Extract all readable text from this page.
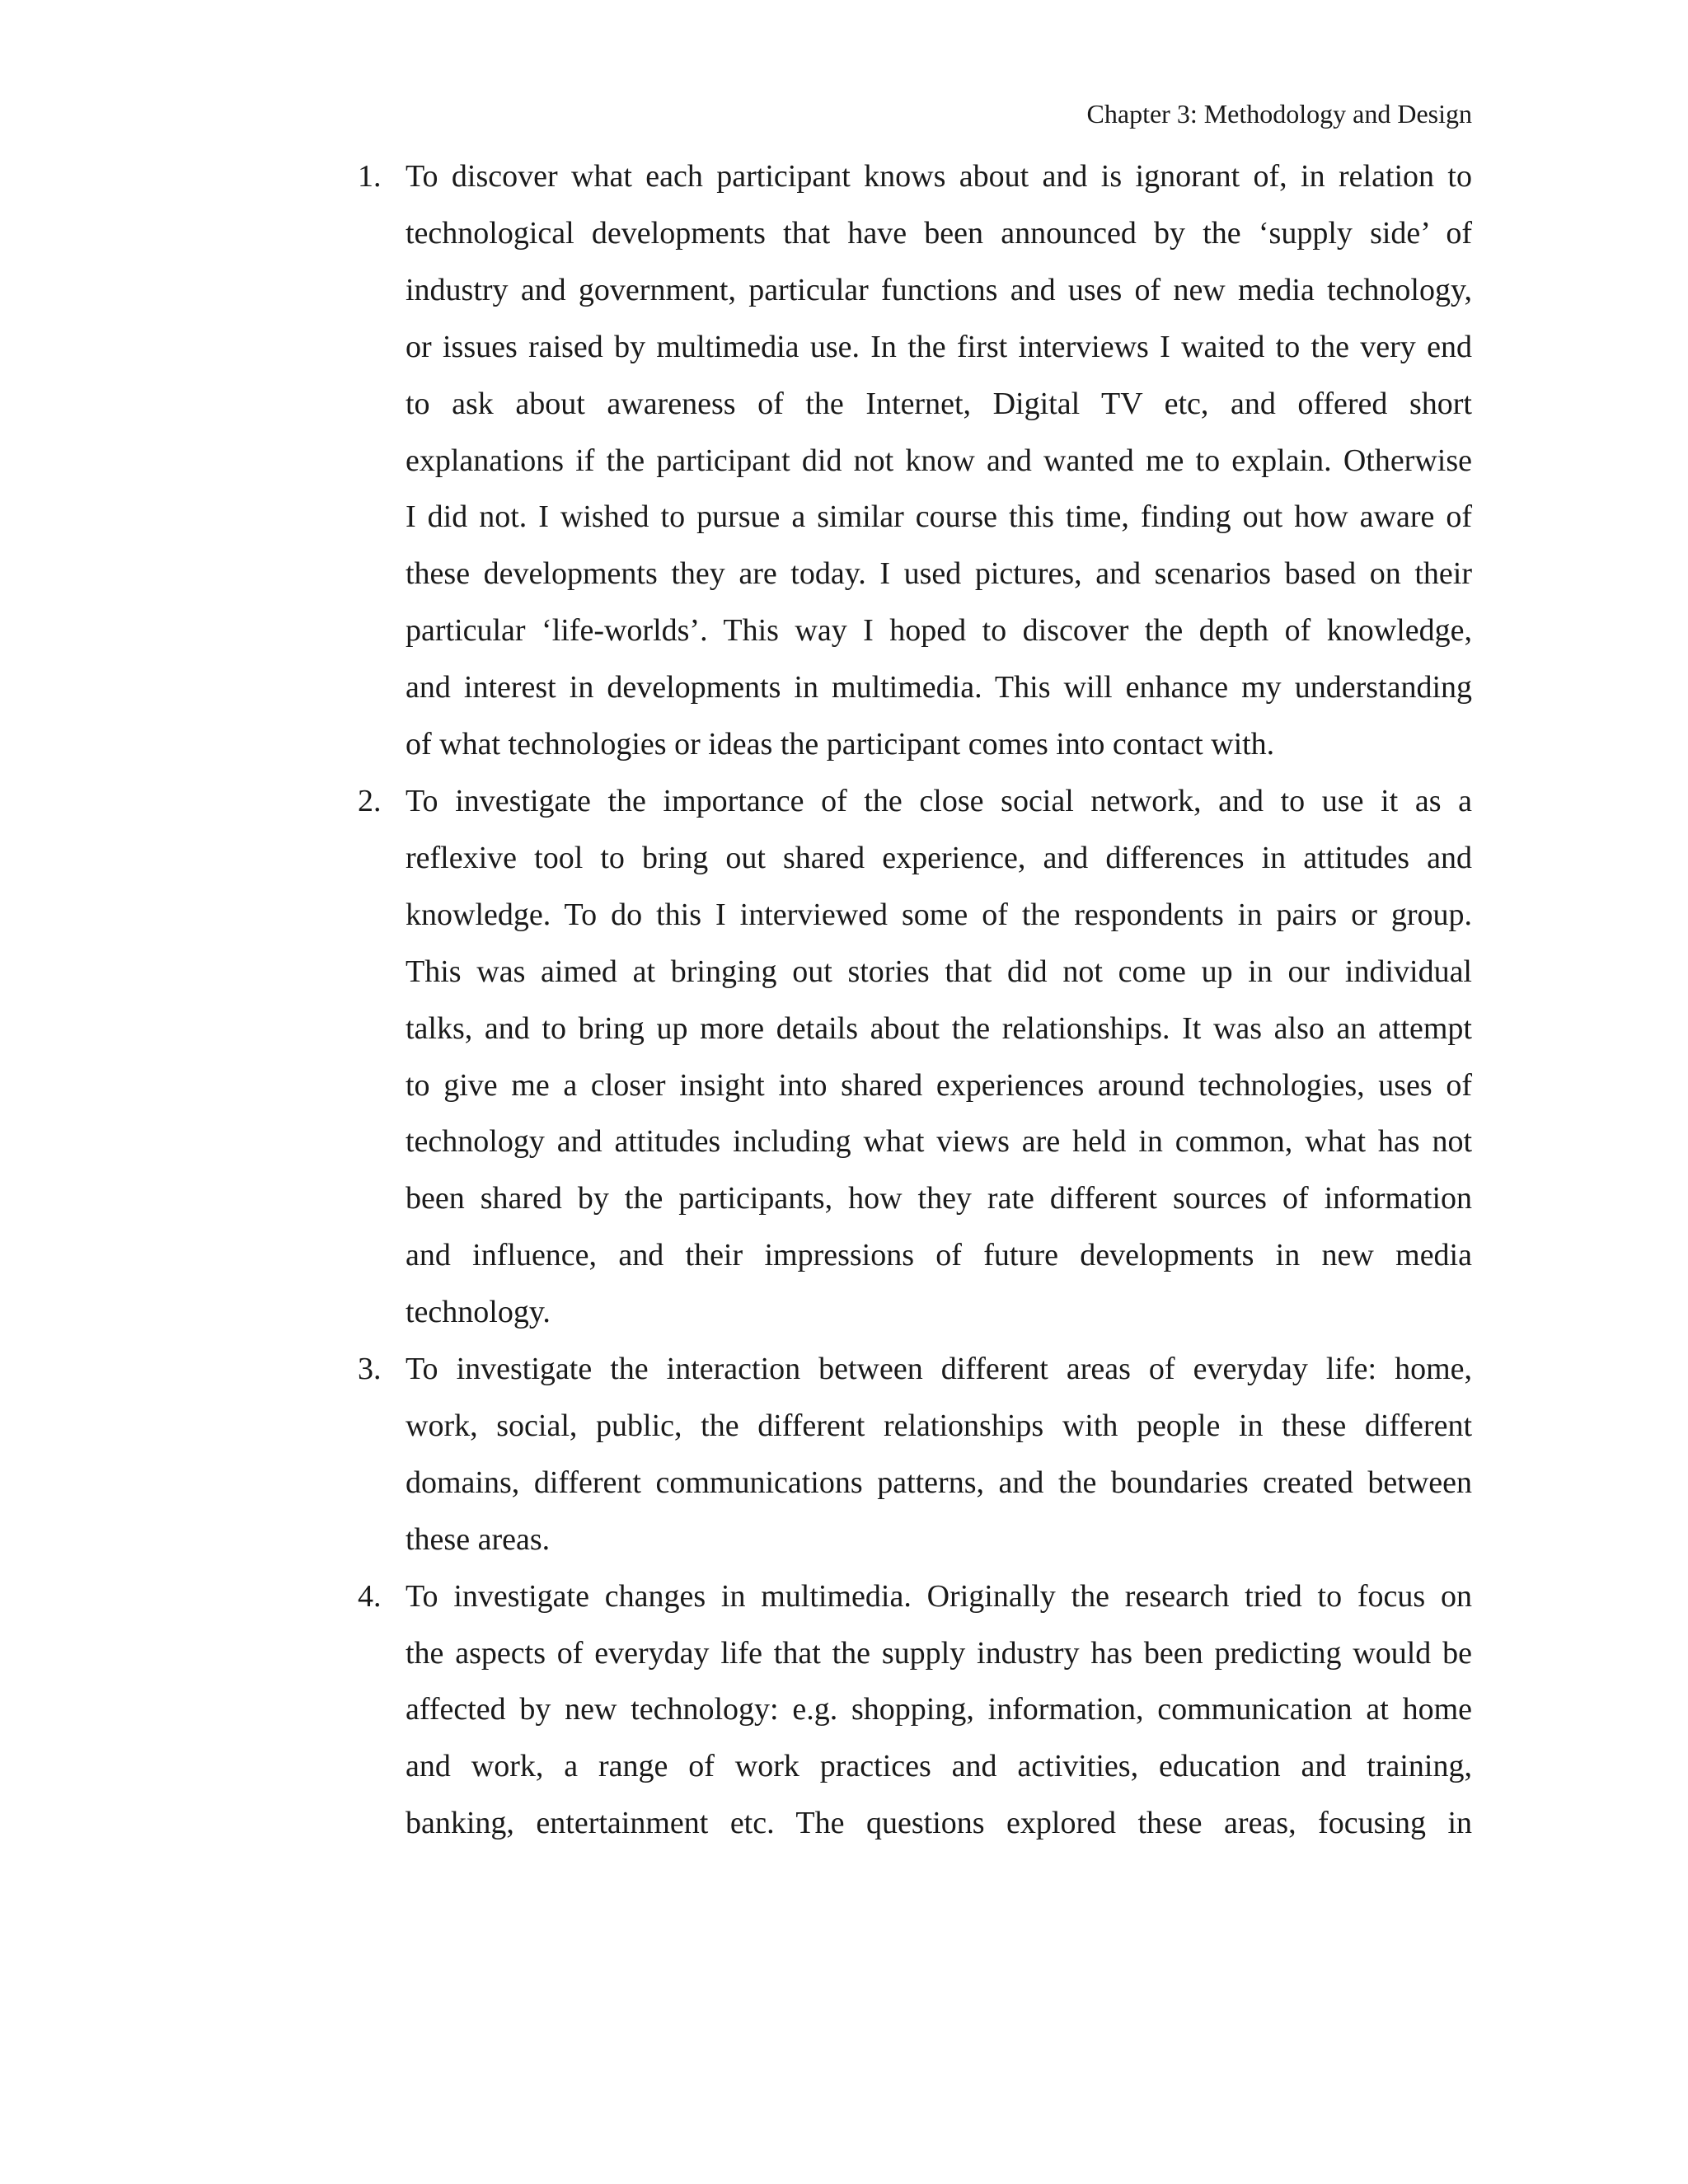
Chapter 3: Methodology and Design
1. To discover what each participant knows about and is ignorant of, in relation to
technological developments that have been announced by the ‘supply side’ of
industry and government, particular functions and uses of new media technology,
or issues raised by multimedia use. In the first interviews I waited to the very end
to ask about awareness of the Internet, Digital TV etc, and offered short
explanations if the participant did not know and wanted me to explain. Otherwise
I did not. I wished to pursue a similar course this time, finding out how aware of
these developments they are today. I used pictures, and scenarios based on their
particular ‘life-worlds’. This way I hoped to discover the depth of knowledge,
and interest in developments in multimedia. This will enhance my understanding
of what technologies or ideas the participant comes into contact with.
2. To investigate the importance of the close social network, and to use it as a
reflexive tool to bring out shared experience, and differences in attitudes and
knowledge. To do this I interviewed some of the respondents in pairs or group.
This was aimed at bringing out stories that did not come up in our individual
talks, and to bring up more details about the relationships. It was also an attempt
to give me a closer insight into shared experiences around technologies, uses of
technology and attitudes including what views are held in common, what has not
been shared by the participants, how they rate different sources of information
and influence, and their impressions of future developments in new media
technology.
3. To investigate the interaction between different areas of everyday life: home,
work, social, public, the different relationships with people in these different
domains, different communications patterns, and the boundaries created between
these areas.
4. To investigate changes in multimedia. Originally the research tried to focus on
the aspects of everyday life that the supply industry has been predicting would be
affected by new technology: e.g. shopping, information, communication at home
and work, a range of work practices and activities, education and training,
banking, entertainment etc. The questions explored these areas, focusing in
